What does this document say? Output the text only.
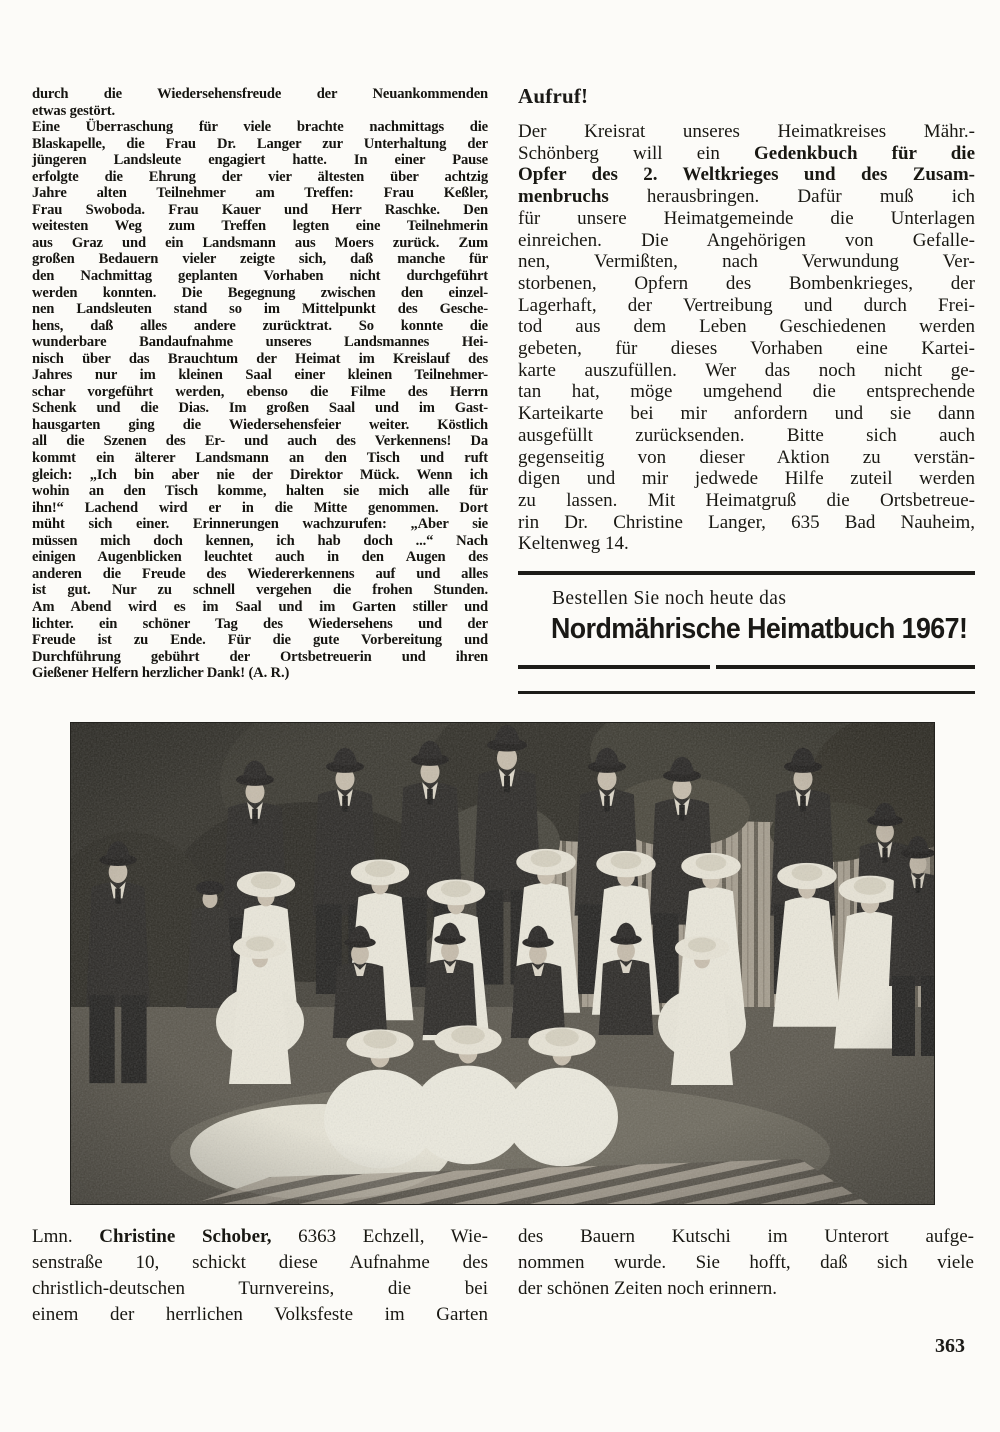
durch die Wiedersehensfreude der Neuankommenden
etwas gestört.
Eine Überraschung für viele brachte nachmittags die
Blaskapelle, die Frau Dr. Langer zur Unterhaltung der
jüngeren Landsleute engagiert hatte. In einer Pause
erfolgte die Ehrung der vier ältesten über achtzig
Jahre alten Teilnehmer am Treffen: Frau Keßler,
Frau Swoboda. Frau Kauer und Herr Raschke. Den
weitesten Weg zum Treffen legten eine Teilnehmerin
aus Graz und ein Landsmann aus Moers zurück. Zum
großen Bedauern vieler zeigte sich, daß manche für
den Nachmittag geplanten Vorhaben nicht durchgeführt
werden konnten. Die Begegnung zwischen den einzel-
nen Landsleuten stand so im Mittelpunkt des Gesche-
hens, daß alles andere zurücktrat. So konnte die
wunderbare Bandaufnahme unseres Landsmannes Hei-
nisch über das Brauchtum der Heimat im Kreislauf des
Jahres nur im kleinen Saal einer kleinen Teilnehmer-
schar vorgeführt werden, ebenso die Filme des Herrn
Schenk und die Dias. Im großen Saal und im Gast-
hausgarten ging die Wiedersehensfeier weiter. Köstlich
all die Szenen des Er- und auch des Verkennens! Da
kommt ein älterer Landsmann an den Tisch und ruft
gleich: „Ich bin aber nie der Direktor Mück. Wenn ich
wohin an den Tisch komme, halten sie mich alle für
ihn!“ Lachend wird er in die Mitte genommen. Dort
müht sich einer. Erinnerungen wachzurufen: „Aber sie
müssen mich doch kennen, ich hab doch ...“ Nach
einigen Augenblicken leuchtet auch in den Augen des
anderen die Freude des Wiedererkennens auf und alles
ist gut. Nur zu schnell vergehen die frohen Stunden.
Am Abend wird es im Saal und im Garten stiller und
lichter. ein schöner Tag des Wiedersehens und der
Freude ist zu Ende. Für die gute Vorbereitung und
Durchführung gebührt der Ortsbetreuerin und ihren
Gießener Helfern herzlicher Dank! (A. R.)
Aufruf!
Der Kreisrat unseres Heimatkreises Mähr.-
Schönberg will ein Gedenkbuch für die
Opfer des 2. Weltkrieges und des Zusam-
menbruchs herausbringen. Dafür muß ich
für unsere Heimatgemeinde die Unterlagen
einreichen. Die Angehörigen von Gefalle-
nen, Vermißten, nach Verwundung Ver-
storbenen, Opfern des Bombenkrieges, der
Lagerhaft, der Vertreibung und durch Frei-
tod aus dem Leben Geschiedenen werden
gebeten, für dieses Vorhaben eine Kartei-
karte auszufüllen. Wer das noch nicht ge-
tan hat, möge umgehend die entsprechende
Karteikarte bei mir anfordern und sie dann
ausgefüllt zurücksenden. Bitte sich auch
gegenseitig von dieser Aktion zu verstän-
digen und mir jedwede Hilfe zuteil werden
zu lassen. Mit Heimatgruß die Ortsbetreue-
rin Dr. Christine Langer, 635 Bad Nauheim,
Keltenweg 14.
Bestellen Sie noch heute das
Nordmährische Heimatbuch 1967!
Lmn. Christine Schober, 6363 Echzell, Wie-
senstraße 10, schickt diese Aufnahme des
christlich-deutschen Turnvereins, die bei
einem der herrlichen Volksfeste im Garten
des Bauern Kutschi im Unterort aufge-
nommen wurde. Sie hofft, daß sich viele
der schönen Zeiten noch erinnern.
363
